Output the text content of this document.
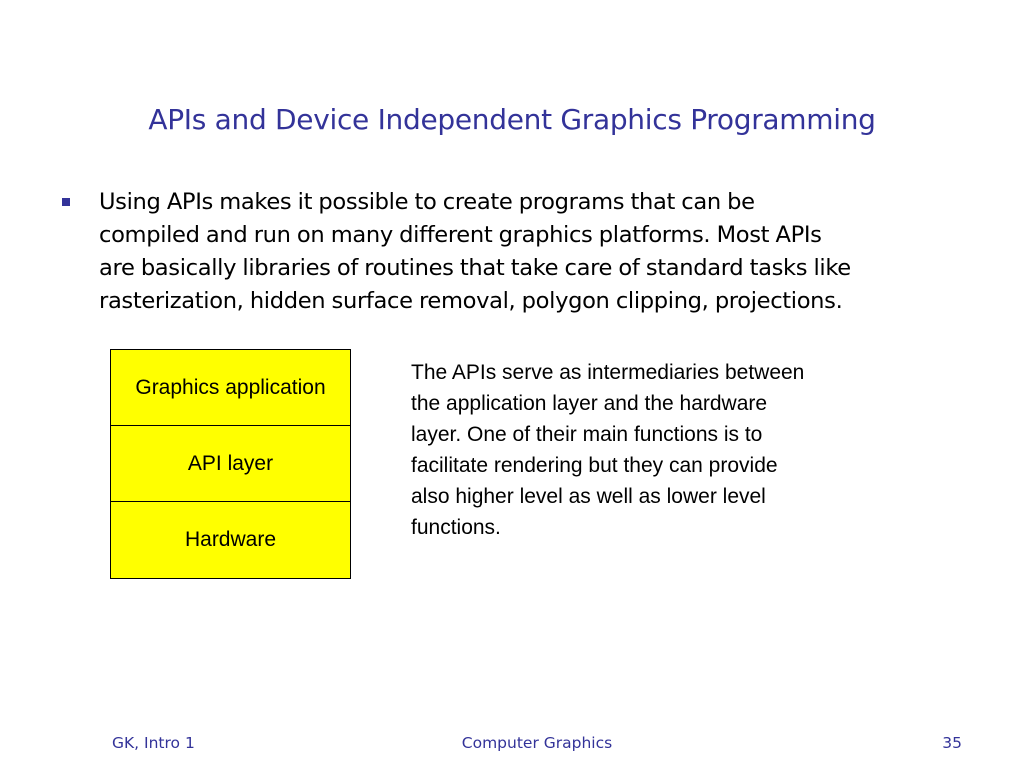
APIs and Device Independent Graphics Programming
Using APIs makes it possible to create programs that can be
compiled and run on many different graphics platforms. Most APIs
are basically libraries of routines that take care of standard tasks like
rasterization, hidden surface removal, polygon clipping, projections.
Graphics application
API layer
Hardware
The APIs serve as intermediaries between
the application layer and the hardware
layer. One of their main functions is to
facilitate rendering but they can provide
also higher level as well as lower level
functions.
GK, Intro 1	Computer Graphics	35
